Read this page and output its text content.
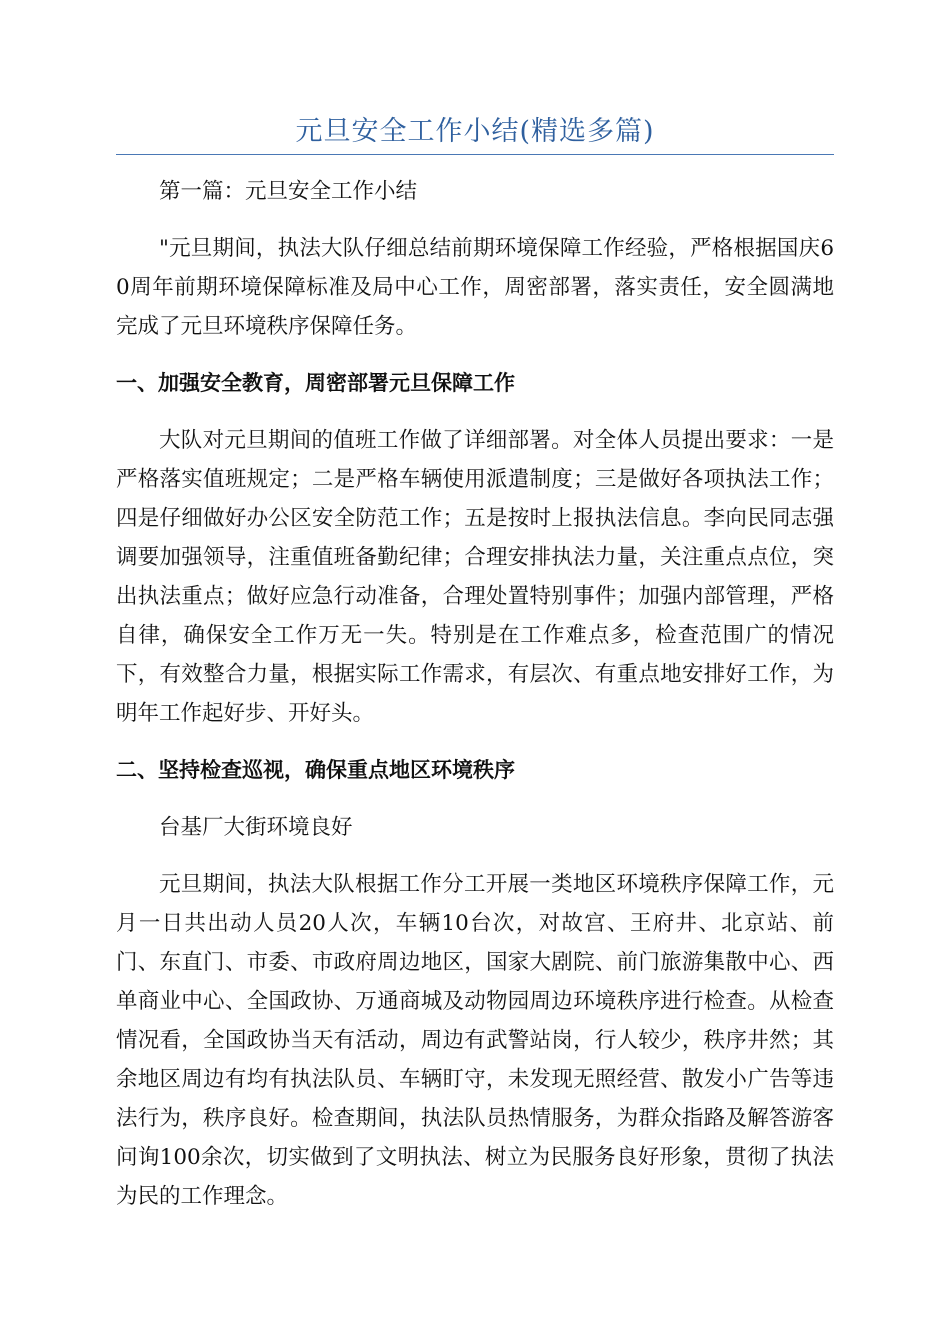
元旦安全工作小结(精选多篇)

第一篇：元旦安全工作小结

"元旦期间，执法大队仔细总结前期环境保障工作经验，严格根据国庆60周年前期环境保障标准及局中心工作，周密部署，落实责任，安全圆满地完成了元旦环境秩序保障任务。

一、加强安全教育，周密部署元旦保障工作

大队对元旦期间的值班工作做了详细部署。对全体人员提出要求：一是严格落实值班规定；二是严格车辆使用派遣制度；三是做好各项执法工作；四是仔细做好办公区安全防范工作；五是按时上报执法信息。李向民同志强调要加强领导，注重值班备勤纪律；合理安排执法力量，关注重点点位，突出执法重点；做好应急行动准备，合理处置特别事件；加强内部管理，严格自律，确保安全工作万无一失。特别是在工作难点多，检查范围广的情况下，有效整合力量，根据实际工作需求，有层次、有重点地安排好工作，为明年工作起好步、开好头。

二、坚持检查巡视，确保重点地区环境秩序

台基厂大街环境良好

元旦期间，执法大队根据工作分工开展一类地区环境秩序保障工作，元月一日共出动人员20人次，车辆10台次，对故宫、王府井、北京站、前门、东直门、市委、市政府周边地区，国家大剧院、前门旅游集散中心、西单商业中心、全国政协、万通商城及动物园周边环境秩序进行检查。从检查情况看，全国政协当天有活动，周边有武警站岗，行人较少，秩序井然；其余地区周边有均有执法队员、车辆盯守，未发现无照经营、散发小广告等违法行为，秩序良好。检查期间，执法队员热情服务，为群众指路及解答游客问询100余次，切实做到了文明执法、树立为民服务良好形象，贯彻了执法为民的工作理念。
